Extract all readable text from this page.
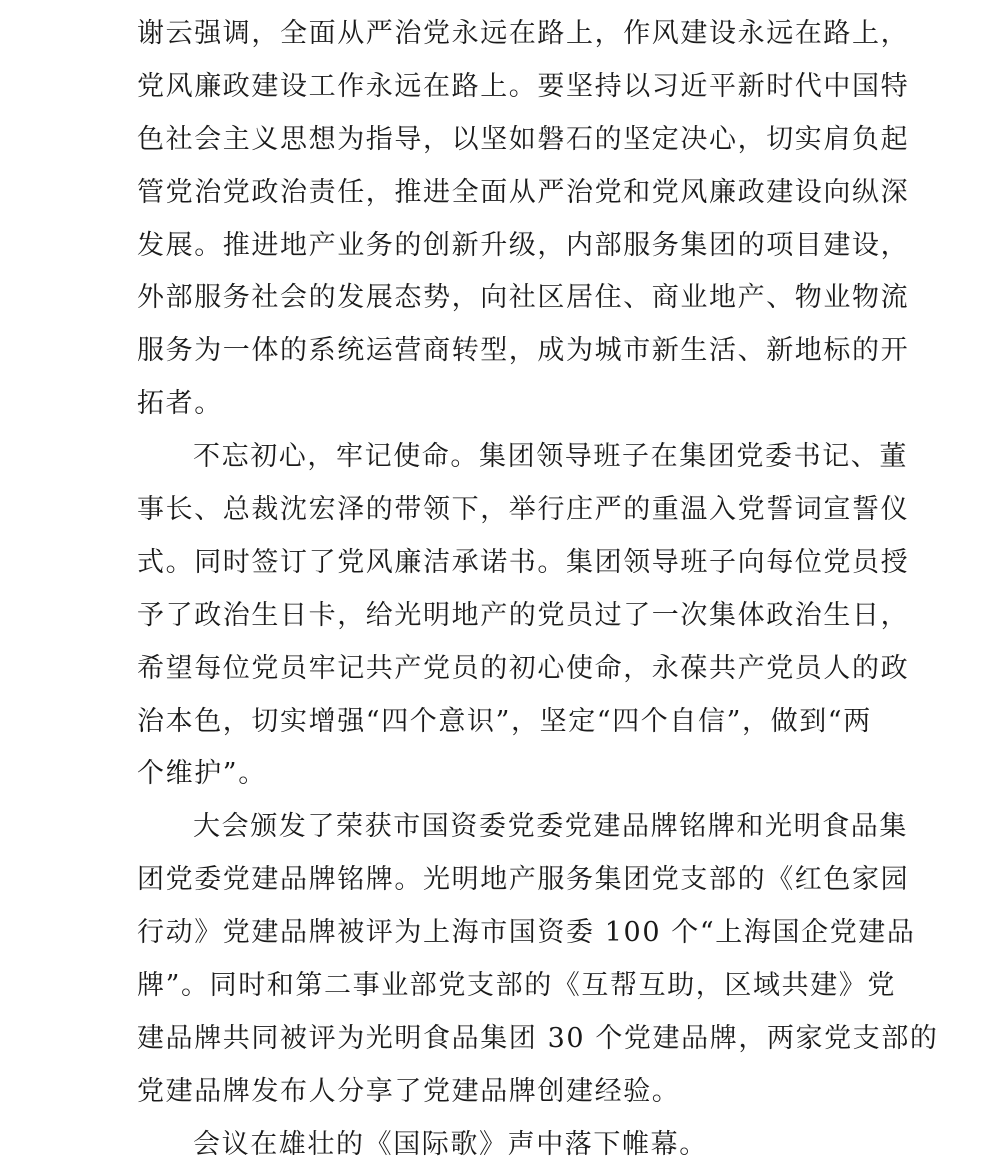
谢云强调，全面从严治党永远在路上，作风建设永远在路上，
党风廉政建设工作永远在路上。要坚持以习近平新时代中国特
色社会主义思想为指导，以坚如磐石的坚定决心，切实肩负起
管党治党政治责任，推进全面从严治党和党风廉政建设向纵深
发展。推进地产业务的创新升级，内部服务集团的项目建设，
外部服务社会的发展态势，向社区居住、商业地产、物业物流
服务为一体的系统运营商转型，成为城市新生活、新地标的开
拓者。
不忘初心，牢记使命。集团领导班子在集团党委书记、董
事长、总裁沈宏泽的带领下，举行庄严的重温入党誓词宣誓仪
式。同时签订了党风廉洁承诺书。集团领导班子向每位党员授
予了政治生日卡，给光明地产的党员过了一次集体政治生日，
希望每位党员牢记共产党员的初心使命，永葆共产党员人的政
治本色，切实增强“四个意识”，坚定“四个自信”，做到“两
个维护”。
大会颁发了荣获市国资委党委党建品牌铭牌和光明食品集
团党委党建品牌铭牌。光明地产服务集团党支部的《红色家园
行动》党建品牌被评为上海市国资委 100 个“上海国企党建品
牌”。同时和第二事业部党支部的《互帮互助，区域共建》党
建品牌共同被评为光明食品集团 30 个党建品牌，两家党支部的
党建品牌发布人分享了党建品牌创建经验。
会议在雄壮的《国际歌》声中落下帷幕。
